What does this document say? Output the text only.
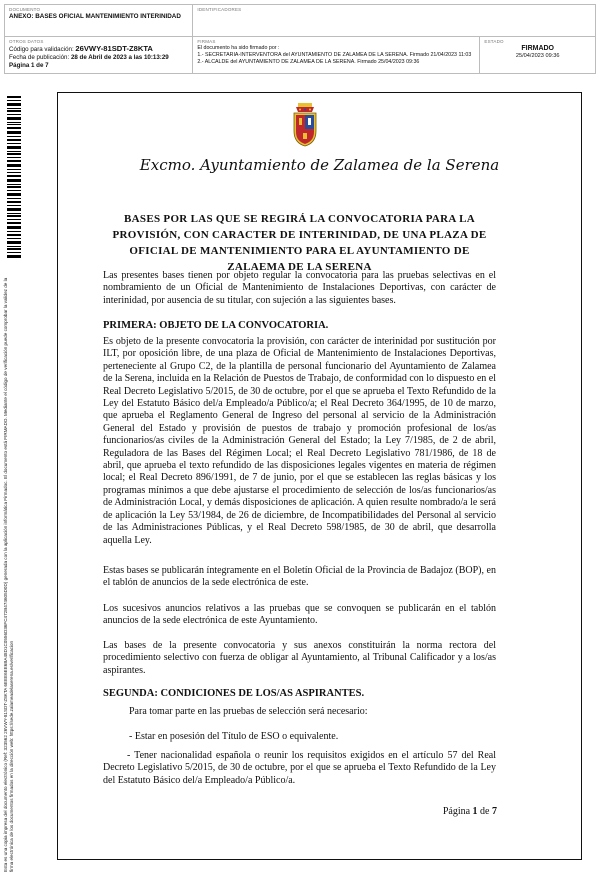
DOCUMENTO
ANEXO: BASES OFICIAL MANTENIMIENTO INTERINIDAD
IDENTIFICADORES
OTROS DATOS
Código para validación: 26VWY-81SDT-Z8KTA
Fecha de publicación: 28 de Abril de 2023 a las 10:13:29
Página 1 de 7
FIRMAS
El documento ha sido firmado por :
1.- SECRETARIA-INTERVENTORA del AYUNTAMIENTO DE ZALAMEA DE LA SERENA. Firmado 21/04/2023 11:03
2.- ALCALDE del AYUNTAMIENTO DE ZALAMEA DE LA SERENA. Firmado 25/04/2023 09:36
ESTADO
FIRMADO
25/04/2023 09:36
Esta es una copia impresa del documento electrónico (Ref: 323562 26VWY-81SDT-Z8KTA 6EEE6EE6BA48D1C0556D36FC472B474605D0D) generada con la aplicación informática Firmadoc. El documento está FIRMADO. Mediante el código de verificación puede comprobar la validez de la firma electrónica de los documentos firmados en la dirección web: https://sede.zalameadelaserena.es/verificacion
Excmo. Ayuntamiento de Zalamea de la Serena
BASES POR LAS QUE SE REGIRÁ LA CONVOCATORIA PARA LA PROVISIÓN, CON CARACTER DE INTERINIDAD, DE UNA PLAZA DE OFICIAL DE MANTENIMIENTO PARA EL AYUNTAMIENTO DE ZALAEMA DE LA SERENA

Las presentes bases tienen por objeto regular la convocatoria para las pruebas selectivas en el nombramiento de un Oficial de Mantenimiento de Instalaciones Deportivas, con carácter de interinidad, por ausencia de su titular, con sujeción a las siguientes bases.

PRIMERA: OBJETO DE LA CONVOCATORIA.

Es objeto de la presente convocatoria la provisión, con carácter de interinidad por sustitución por ILT, por oposición libre, de una plaza de Oficial de Mantenimiento de Instalaciones Deportivas, perteneciente al Grupo C2, de la plantilla de personal funcionario del Ayuntamiento de Zalamea de la Serena, incluida en la Relación de Puestos de Trabajo, de conformidad con lo dispuesto en el Real Decreto Legislativo 5/2015, de 30 de octubre, por el que se aprueba el Texto Refundido de la Ley del Estatuto Básico del/a Empleado/a Público/a; el Real Decreto 364/1995, de 10 de marzo, que aprueba el Reglamento General de Ingreso del personal al servicio de la Administración General del Estado y provisión de puestos de trabajo y promoción profesional de los/as funcionarios/as civiles de la Administración General del Estado; la Ley 7/1985, de 2 de abril, Reguladora de las Bases del Régimen Local; el Real Decreto Legislativo 781/1986, de 18 de abril, que aprueba el texto refundido de las disposiciones legales vigentes en materia de régimen local; el Real Decreto 896/1991, de 7 de junio, por el que se establecen las reglas básicas y los programas mínimos a que debe ajustarse el procedimiento de selección de los/as funcionarios/as de Administración Local, y demás disposiciones de aplicación. A quien resulte nombrado/a le será de aplicación la Ley 53/1984, de 26 de diciembre, de Incompatibilidades del Personal al servicio de las Administraciones Públicas, y el Real Decreto 598/1985, de 30 de abril, que desarrolla aquella Ley.

Estas bases se publicarán íntegramente en el Boletín Oficial de la Provincia de Badajoz (BOP), en el tablón de anuncios de la sede electrónica de este.

Los sucesivos anuncios relativos a las pruebas que se convoquen se publicarán en el tablón anuncios de la sede electrónica de este Ayuntamiento.

Las bases de la presente convocatoria y sus anexos constituirán la norma rectora del procedimiento selectivo con fuerza de obligar al Ayuntamiento, al Tribunal Calificador y a los/as aspirantes.

SEGUNDA: CONDICIONES DE LOS/AS ASPIRANTES.

Para tomar parte en las pruebas de selección será necesario:

- Estar en posesión del Título de ESO o equivalente.

- Tener nacionalidad española o reunir los requisitos exigidos en el artículo 57 del Real Decreto Legislativo 5/2015, de 30 de octubre, por el que se aprueba el Texto Refundido de la Ley del Estatuto Básico del/a Empleado/a Público/a.

Página 1 de 7
